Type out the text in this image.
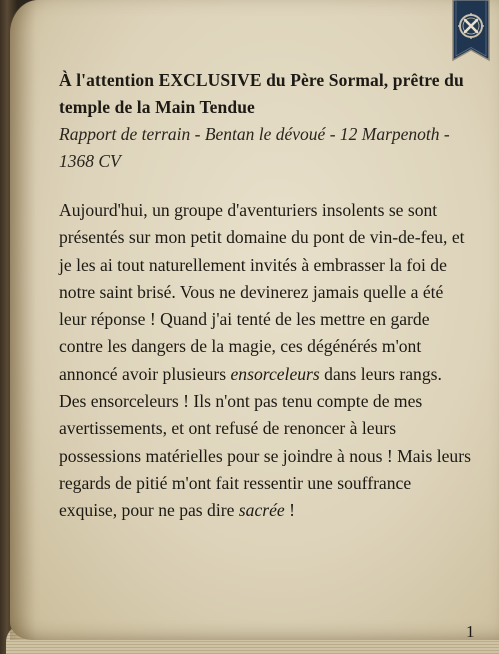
À l'attention EXCLUSIVE du Père Sormal, prêtre du temple de la Main Tendue

Rapport de terrain - Bentan le dévoué - 12 Marpenoth - 1368 CV

Aujourd'hui, un groupe d'aventuriers insolents se sont présentés sur mon petit domaine du pont de vin-de-feu, et je les ai tout naturellement invités à embrasser la foi de notre saint brisé. Vous ne devinerez jamais quelle a été leur réponse ! Quand j'ai tenté de les mettre en garde contre les dangers de la magie, ces dégénérés m'ont annoncé avoir plusieurs ensorceleurs dans leurs rangs. Des ensorceleurs ! Ils n'ont pas tenu compte de mes avertissements, et ont refusé de renoncer à leurs possessions matérielles pour se joindre à nous ! Mais leurs regards de pitié m'ont fait ressentir une souffrance exquise, pour ne pas dire sacrée !

1
